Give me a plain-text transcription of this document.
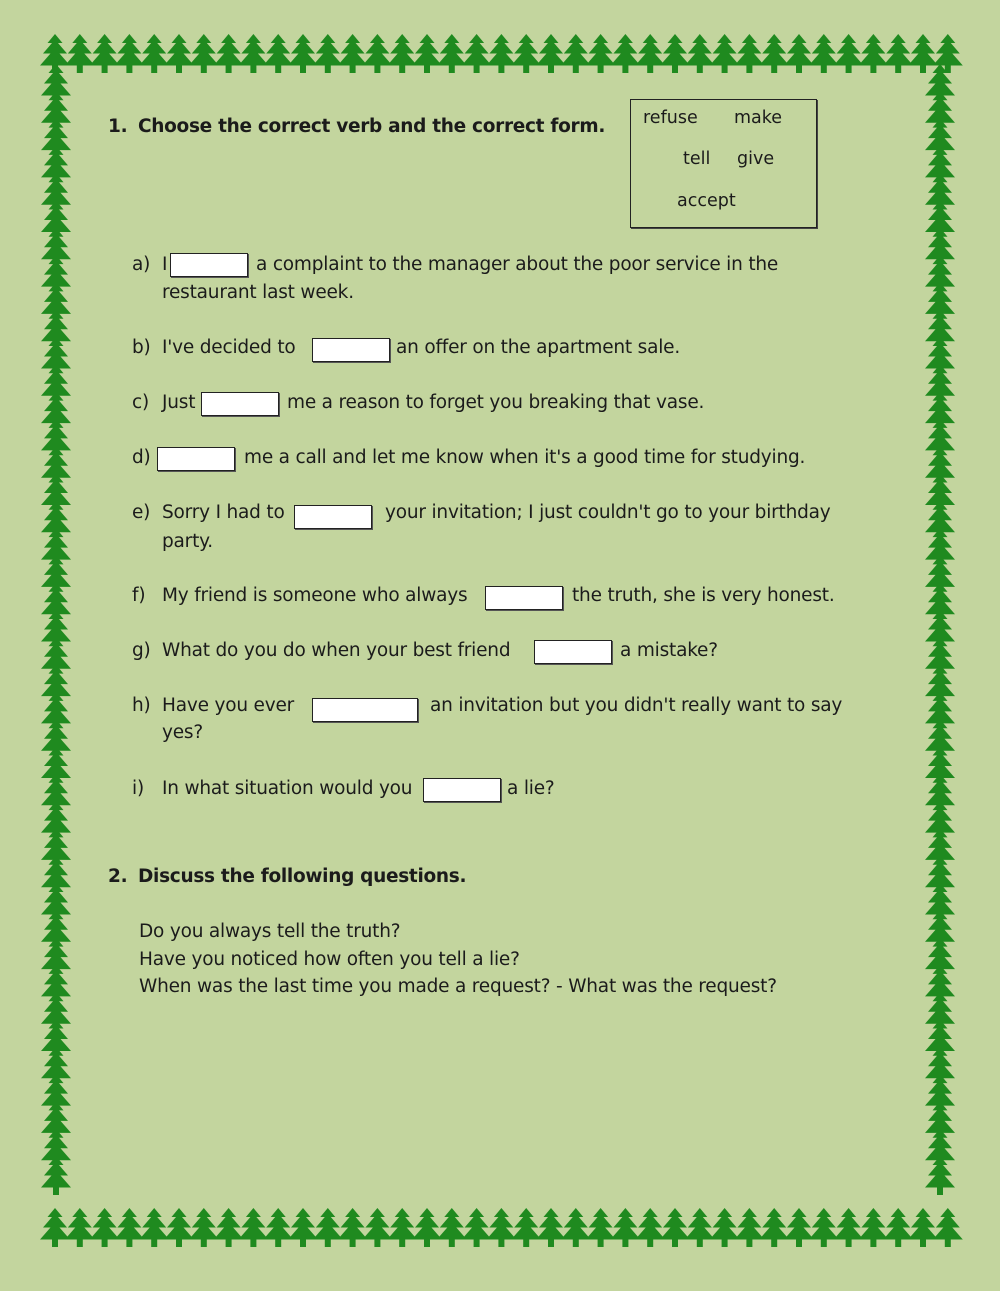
1. Choose the correct verb and the correct form. refuse make
tell give
accept
a) I	a complaint to the manager about the poor service in the
restaurant last week.
b) I've decided to	an offer on the apartment sale.
c) Just	me a reason to forget you breaking that vase.
d)	me a call and let me know when it's a good time for studying.
e) Sorry I had to	your invitation; I just couldn't go to your birthday
party.
f) My friend is someone who always	the truth, she is very honest.
g) What do you do when your best friend	a mistake?
h) Have you ever	an invitation but you didn't really want to say
yes?
i) In what situation would you	a lie?
2. Discuss the following questions.
Do you always tell the truth?
Have you noticed how often you tell a lie?
When was the last time you made a request? - What was the request?
